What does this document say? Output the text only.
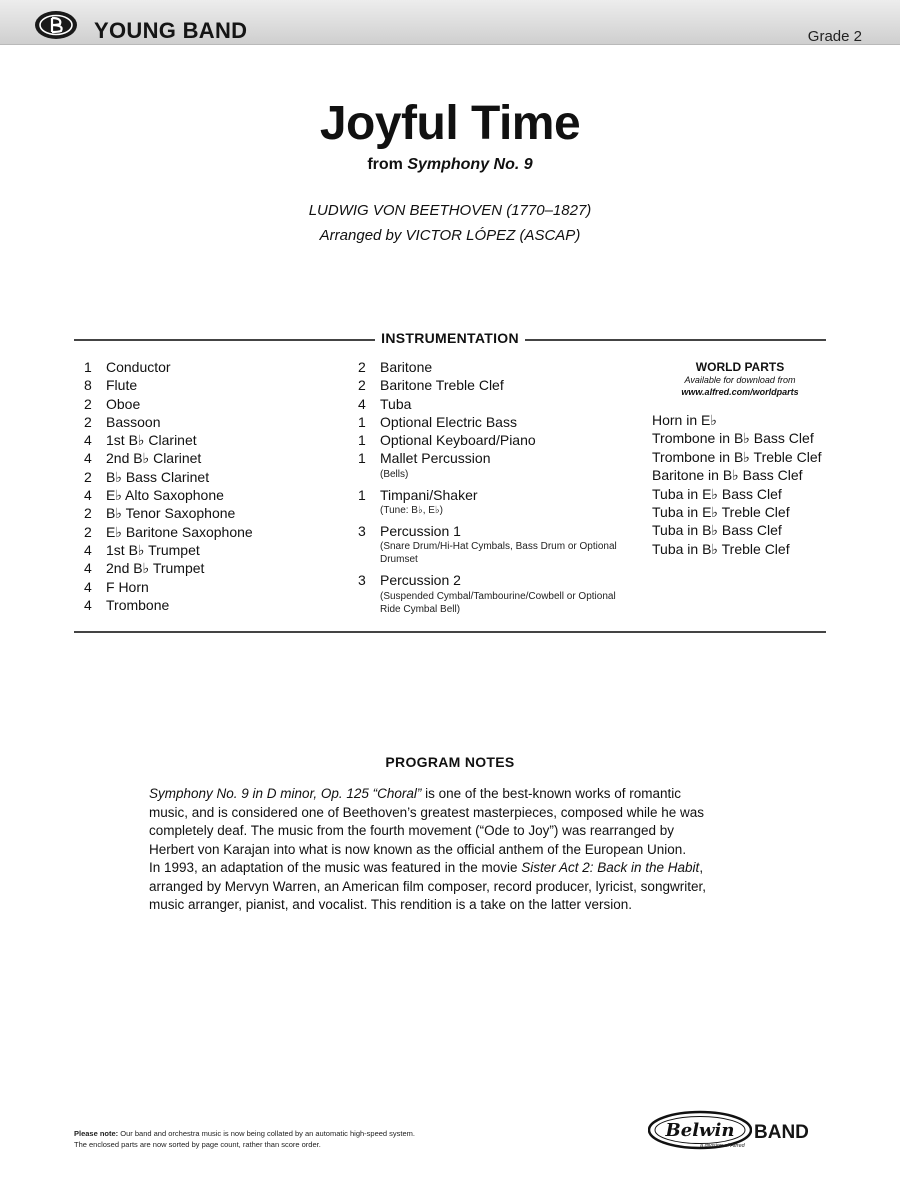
YOUNG BAND	Grade 2
Joyful Time
from Symphony No. 9
LUDWIG VON BEETHOVEN (1770–1827)
Arranged by VICTOR LÓPEZ (ASCAP)
INSTRUMENTATION
1	Conductor
8	Flute
2	Oboe
2	Bassoon
4	1st B♭ Clarinet
4	2nd B♭ Clarinet
2	B♭ Bass Clarinet
4	E♭ Alto Saxophone
2	B♭ Tenor Saxophone
2	E♭ Baritone Saxophone
4	1st B♭ Trumpet
4	2nd B♭ Trumpet
4	F Horn
4	Trombone
2	Baritone
2	Baritone Treble Clef
4	Tuba
1	Optional Electric Bass
1	Optional Keyboard/Piano
1	Mallet Percussion
(Bells)
1	Timpani/Shaker
(Tune: B♭, E♭)
3	Percussion 1
(Snare Drum/Hi-Hat Cymbals, Bass Drum or Optional Drumset
3	Percussion 2
(Suspended Cymbal/Tambourine/Cowbell or Optional Ride Cymbal Bell)
WORLD PARTS
Available for download from
www.alfred.com/worldparts
Horn in E♭
Trombone in B♭ Bass Clef
Trombone in B♭ Treble Clef
Baritone in B♭ Bass Clef
Tuba in E♭ Bass Clef
Tuba in E♭ Treble Clef
Tuba in B♭ Bass Clef
Tuba in B♭ Treble Clef
PROGRAM NOTES
Symphony No. 9 in D minor, Op. 125 “Choral” is one of the best-known works of romantic
music, and is considered one of Beethoven’s greatest masterpieces, composed while he was
completely deaf. The music from the fourth movement (“Ode to Joy”) was rearranged by
Herbert von Karajan into what is now known as the official anthem of the European Union.
In 1993, an adaptation of the music was featured in the movie Sister Act 2: Back in the Habit,
arranged by Mervyn Warren, an American film composer, record producer, lyricist, songwriter,
music arranger, pianist, and vocalist. This rendition is a take on the latter version.
Please note: Our band and orchestra music is now being collated by an automatic high-speed system.
The enclosed parts are now sorted by page count, rather than score order.
Belwin BAND
a division of Alfred
